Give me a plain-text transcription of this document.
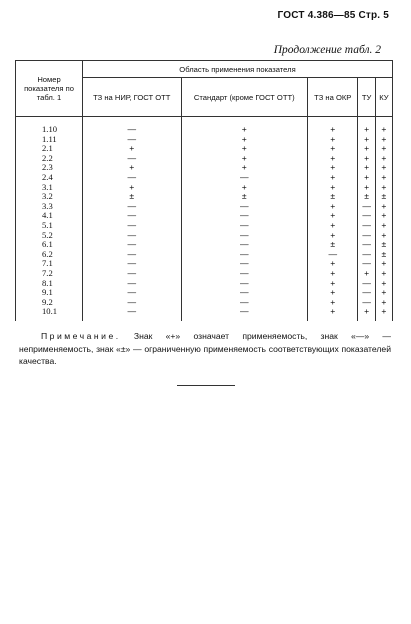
ГОСТ 4.386—85 Стр. 5
Продолжение табл. 2
Номер показателя по табл. 1	Область применения показателя				
	ТЗ на НИР, ГОСТ ОТТ	Стандарт (кроме ГОСТ ОТТ)	ТЗ на ОКР	ТУ	КУ
1.10	—	+	+	+	+
1.11	—	+	+	+	+
2.1	+	+	+	+	+
2.2	—	+	+	+	+
2.3	+	+	+	+	+
2.4	—	—	+	+	+
3.1	+	+	+	+	+
3.2	±	±	±	±	±
3.3	—	—	+	—	+
4.1	—	—	+	—	+
5.1	—	—	+	—	+
5.2	—	—	+	—	+
6.1	—	—	±	—	±
6.2	—	—	—	—	±
7.1	—	—	+	—	+
7.2	—	—	+	+	+
8.1	—	—	+	—	+
9.1	—	—	+	—	+
9.2	—	—	+	—	+
10.1	—	—	+	+	+
Примечание. Знак «+» означает применяемость, знак «—» — неприменяемость, знак «±» — ограниченную применяемость соответствующих показателей качества.
